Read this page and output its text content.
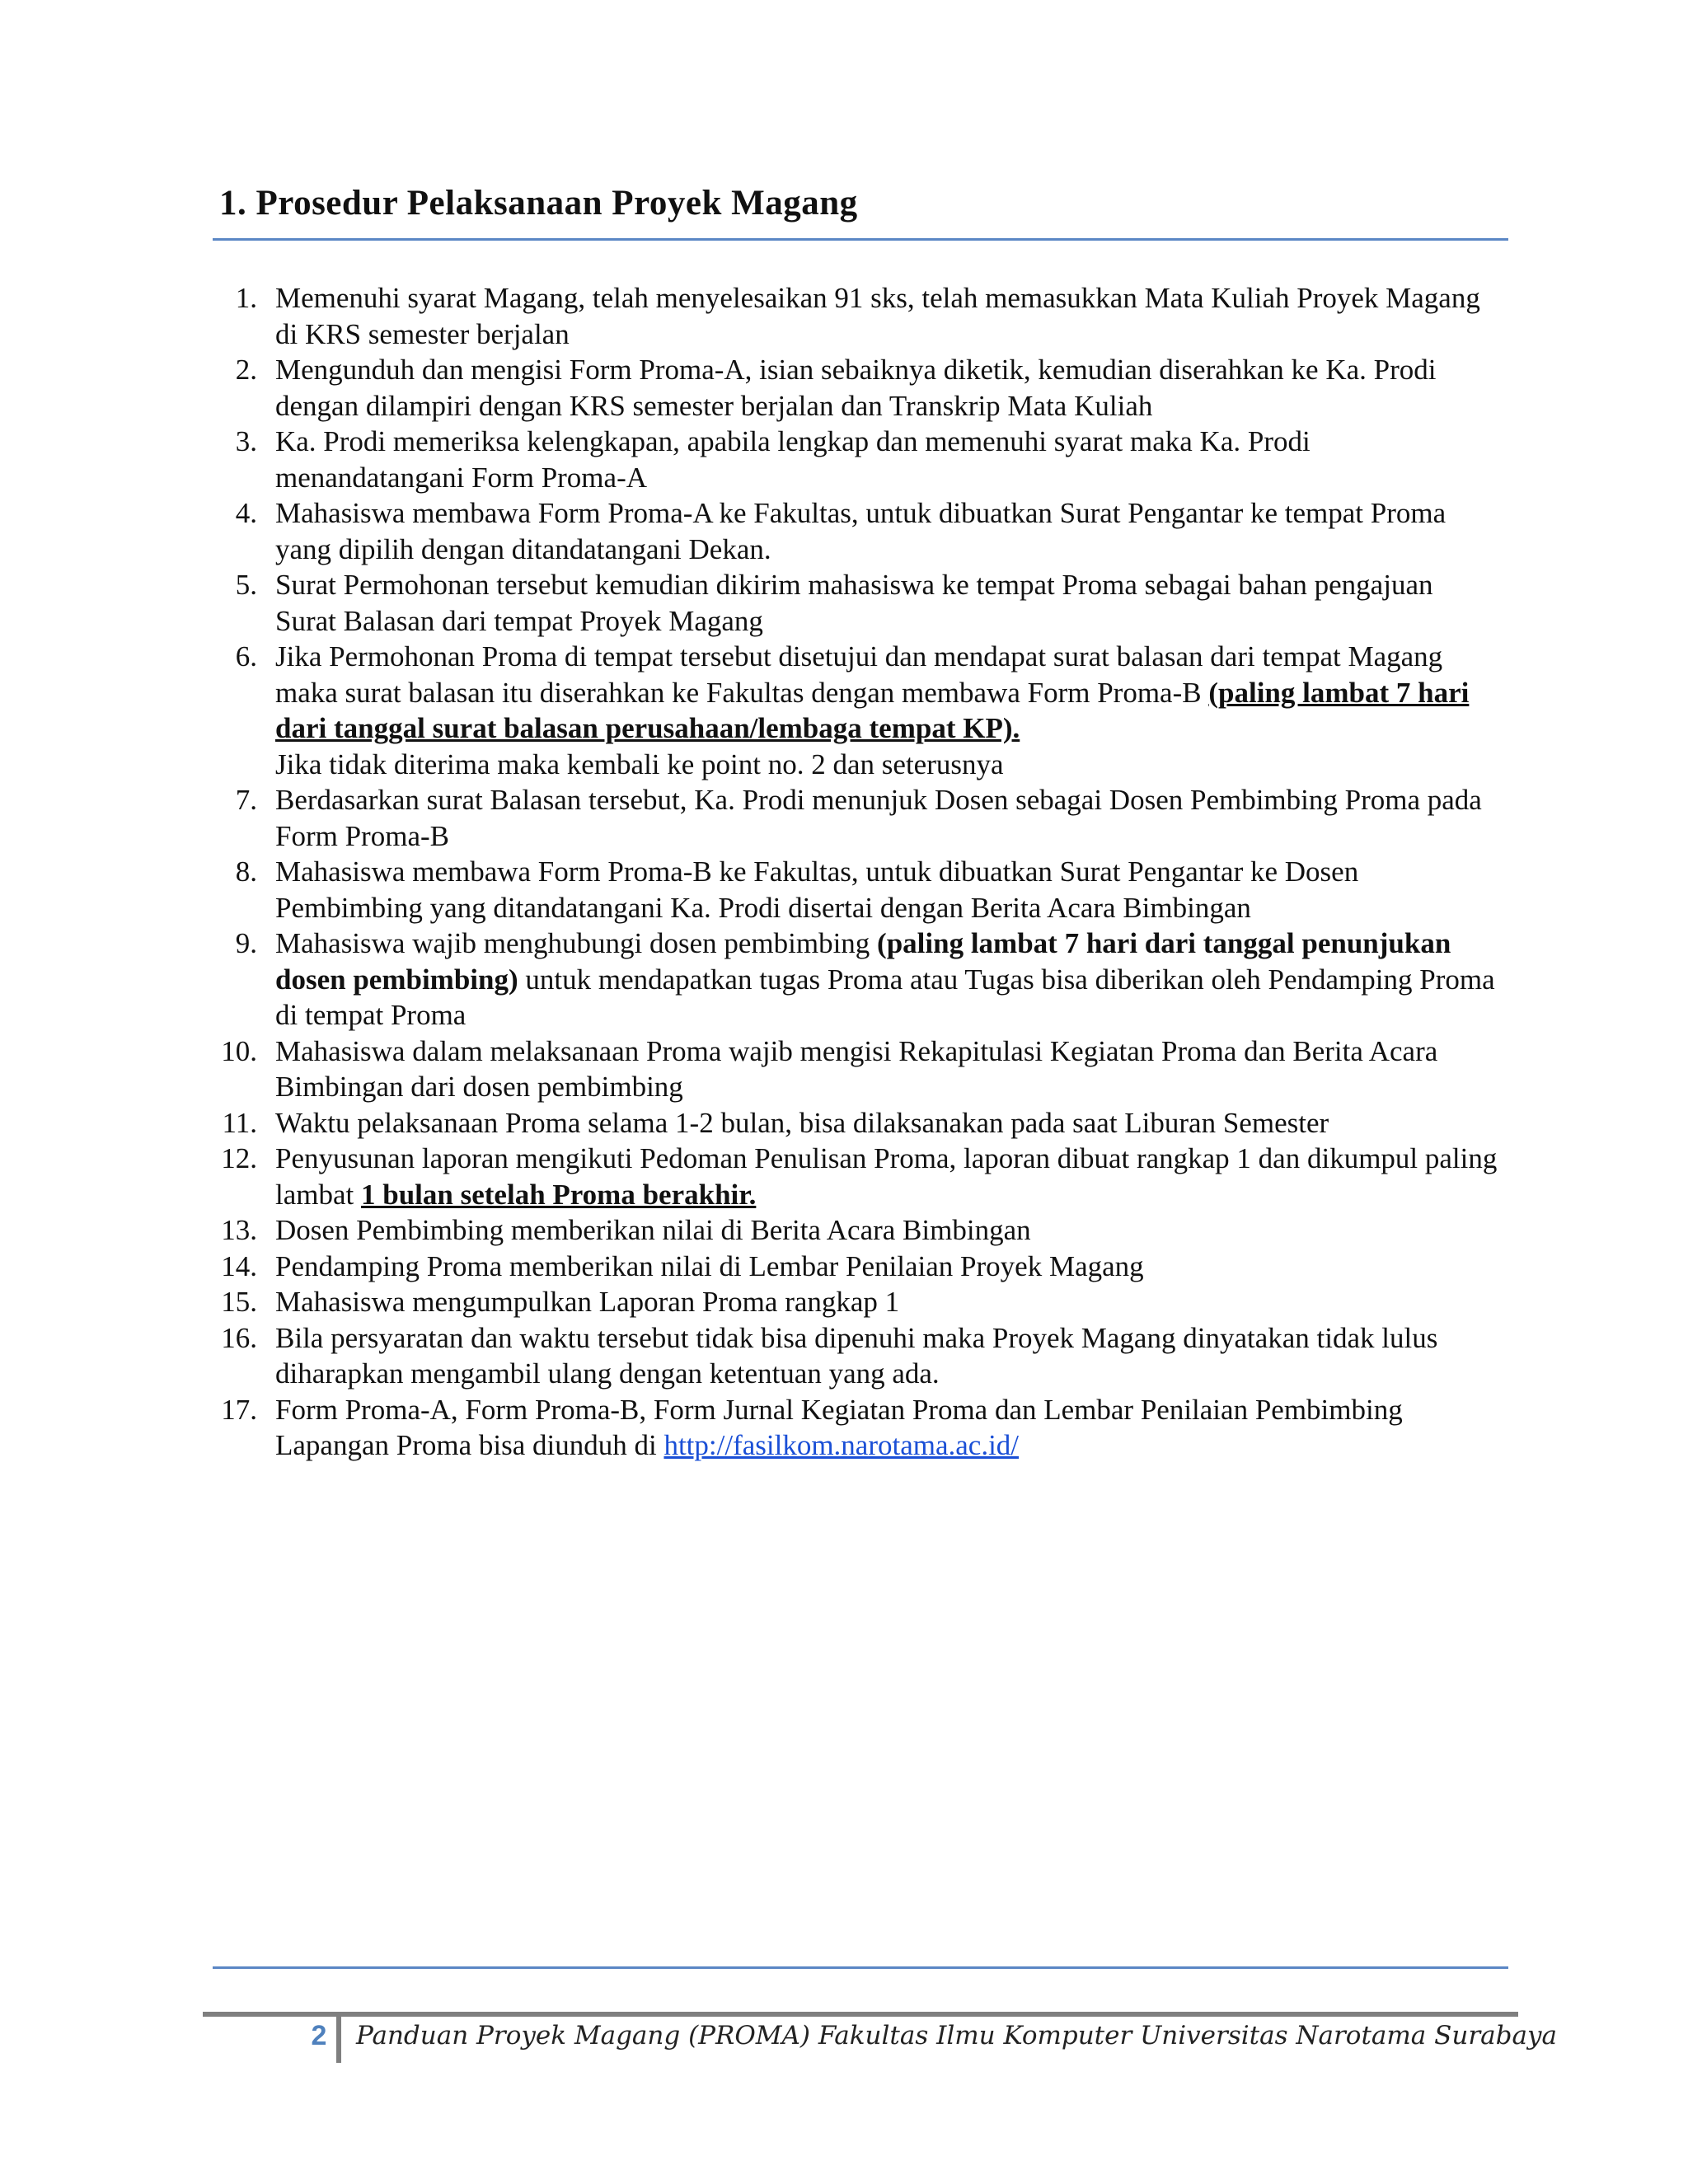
1. Prosedur Pelaksanaan Proyek Magang
1. Memenuhi syarat Magang, telah menyelesaikan 91 sks, telah memasukkan Mata Kuliah Proyek Magang di KRS semester berjalan
2. Mengunduh dan mengisi Form Proma-A, isian sebaiknya diketik, kemudian diserahkan ke Ka. Prodi dengan dilampiri dengan KRS semester berjalan dan Transkrip Mata Kuliah
3. Ka. Prodi memeriksa kelengkapan, apabila lengkap dan memenuhi syarat maka Ka. Prodi menandatangani Form Proma-A
4. Mahasiswa membawa Form Proma-A ke Fakultas, untuk dibuatkan Surat Pengantar ke tempat Proma yang dipilih dengan ditandatangani Dekan.
5. Surat Permohonan tersebut kemudian dikirim mahasiswa ke tempat Proma sebagai bahan pengajuan Surat Balasan dari tempat Proyek Magang
6. Jika Permohonan Proma di tempat tersebut disetujui dan mendapat surat balasan dari tempat Magang maka surat balasan itu diserahkan ke Fakultas dengan membawa Form Proma-B (paling lambat 7 hari dari tanggal surat balasan perusahaan/lembaga tempat KP).
Jika tidak diterima maka kembali ke point no. 2 dan seterusnya
7. Berdasarkan surat Balasan tersebut, Ka. Prodi menunjuk Dosen sebagai Dosen Pembimbing Proma pada Form Proma-B
8. Mahasiswa membawa Form Proma-B ke Fakultas, untuk dibuatkan Surat Pengantar ke Dosen Pembimbing yang ditandatangani Ka. Prodi disertai dengan Berita Acara Bimbingan
9. Mahasiswa wajib menghubungi dosen pembimbing (paling lambat 7 hari dari tanggal penunjukan dosen pembimbing) untuk mendapatkan tugas Proma atau Tugas bisa diberikan oleh Pendamping Proma di tempat Proma
10. Mahasiswa dalam melaksanaan Proma wajib mengisi Rekapitulasi Kegiatan Proma dan Berita Acara Bimbingan dari dosen pembimbing
11. Waktu pelaksanaan Proma selama 1-2 bulan, bisa dilaksanakan pada saat Liburan Semester
12. Penyusunan laporan mengikuti Pedoman Penulisan Proma, laporan dibuat rangkap 1 dan dikumpul paling lambat 1 bulan setelah Proma berakhir.
13. Dosen Pembimbing memberikan nilai di Berita Acara Bimbingan
14. Pendamping Proma memberikan nilai di Lembar Penilaian Proyek Magang
15. Mahasiswa mengumpulkan Laporan Proma rangkap 1
16. Bila persyaratan dan waktu tersebut tidak bisa dipenuhi maka Proyek Magang dinyatakan tidak lulus diharapkan mengambil ulang dengan ketentuan yang ada.
17. Form Proma-A, Form Proma-B, Form Jurnal Kegiatan Proma dan Lembar Penilaian Pembimbing Lapangan Proma bisa diunduh di http://fasilkom.narotama.ac.id/
2 Panduan Proyek Magang (PROMA) Fakultas Ilmu Komputer Universitas Narotama Surabaya
